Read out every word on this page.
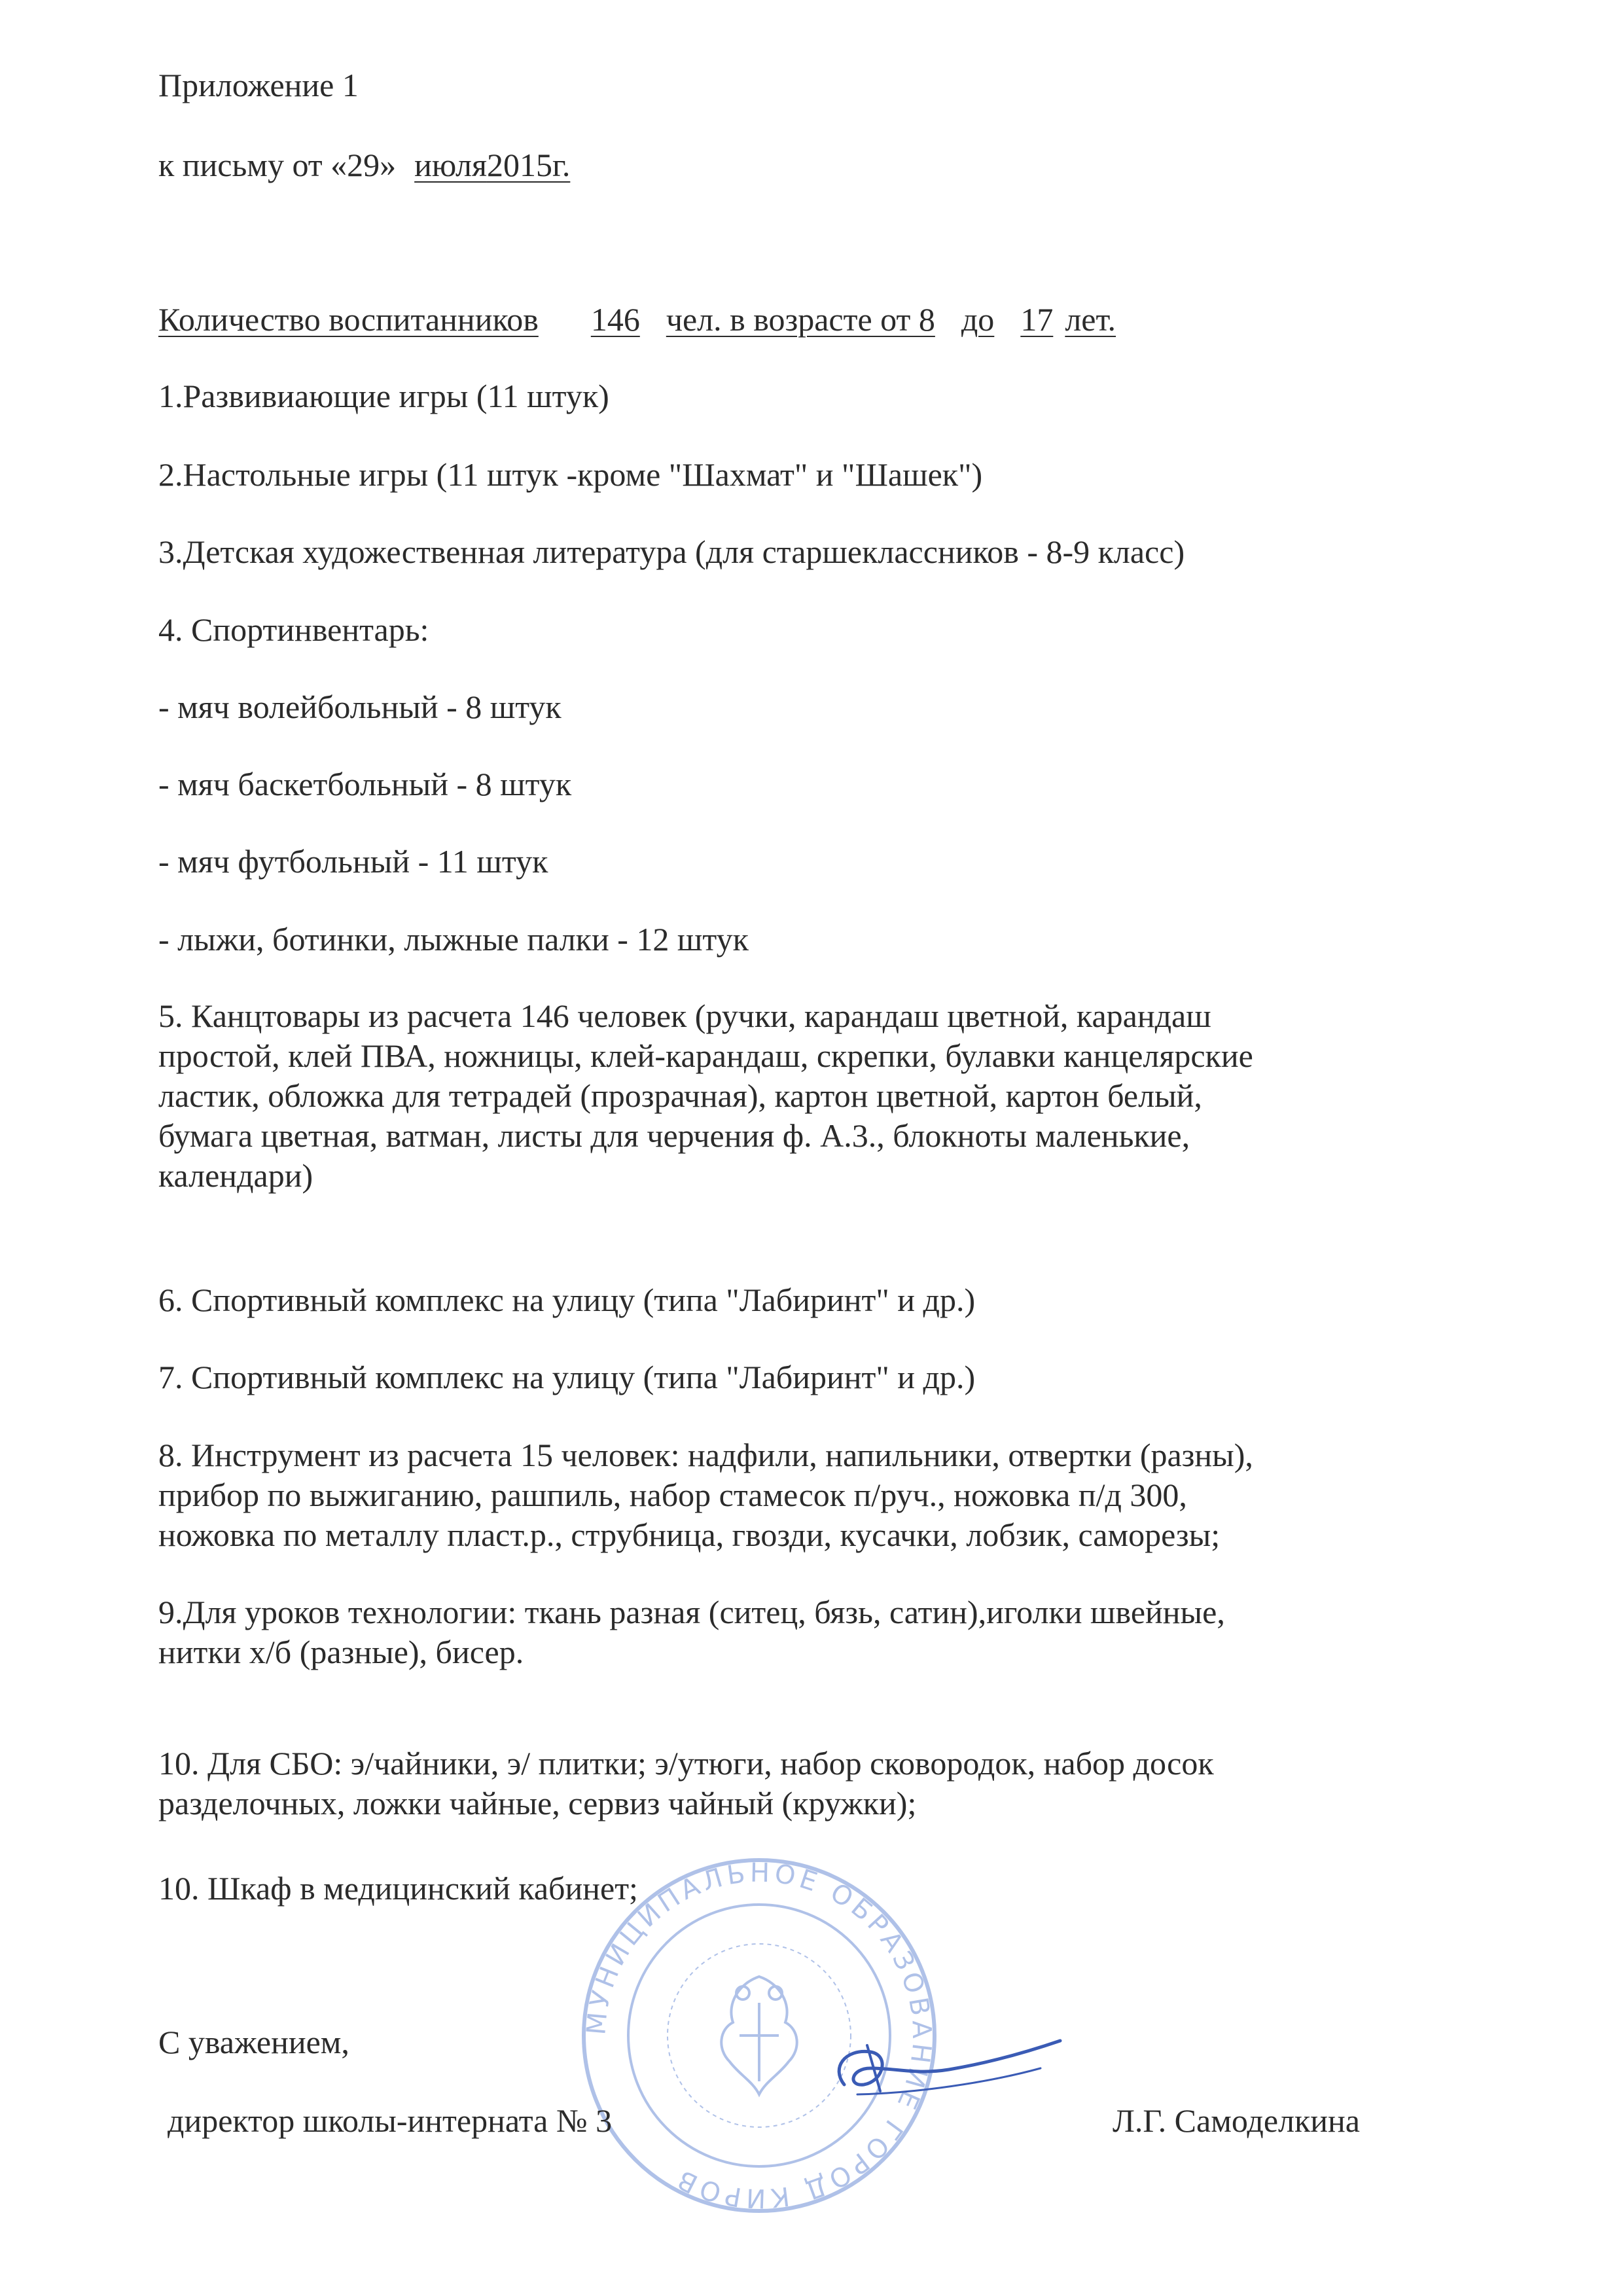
Приложение 1
к письму от «29» июля2015г.
Количество воспитанников 146 чел. в возрасте от 8 до 17 лет.
1.Развивиающие игры (11 штук)
2.Настольные игры (11 штук -кроме "Шахмат" и "Шашек")
3.Детская художественная литература (для старшеклассников - 8-9 класс)
4. Спортинвентарь:
- мяч волейбольный - 8 штук
- мяч баскетбольный - 8 штук
- мяч футбольный - 11 штук
- лыжи, ботинки, лыжные палки - 12 штук
5. Канцтовары из расчета 146 человек (ручки, карандаш цветной, карандаш
простой, клей ПВА, ножницы, клей-карандаш, скрепки, булавки канцелярские
ластик, обложка для тетрадей (прозрачная), картон цветной, картон белый,
бумага цветная, ватман, листы для черчения ф. А.3., блокноты маленькие,
календари)
6. Спортивный комплекс на улицу (типа "Лабиринт" и др.)
7. Спортивный комплекс на улицу (типа "Лабиринт" и др.)
8. Инструмент из расчета 15 человек: надфили, напильники, отвертки (разны),
прибор по выжиганию, рашпиль, набор стамесок п/руч., ножовка п/д 300,
ножовка по металлу пласт.р., струбница, гвозди, кусачки, лобзик, саморезы;
9.Для уроков технологии: ткань разная (ситец, бязь, сатин),иголки швейные,
нитки х/б (разные), бисер.
10. Для СБО: э/чайники, э/ плитки; э/утюги, набор сковородок, набор досок
разделочных, ложки чайные, сервиз чайный (кружки);
10. Шкаф в медицинский кабинет;
МУНИЦИПАЛЬНОЕ ОБРАЗОВАНИЕ ГОРОД КИРОВ
С уважением,
директор школы-интерната № 3	Л.Г. Самоделкина
